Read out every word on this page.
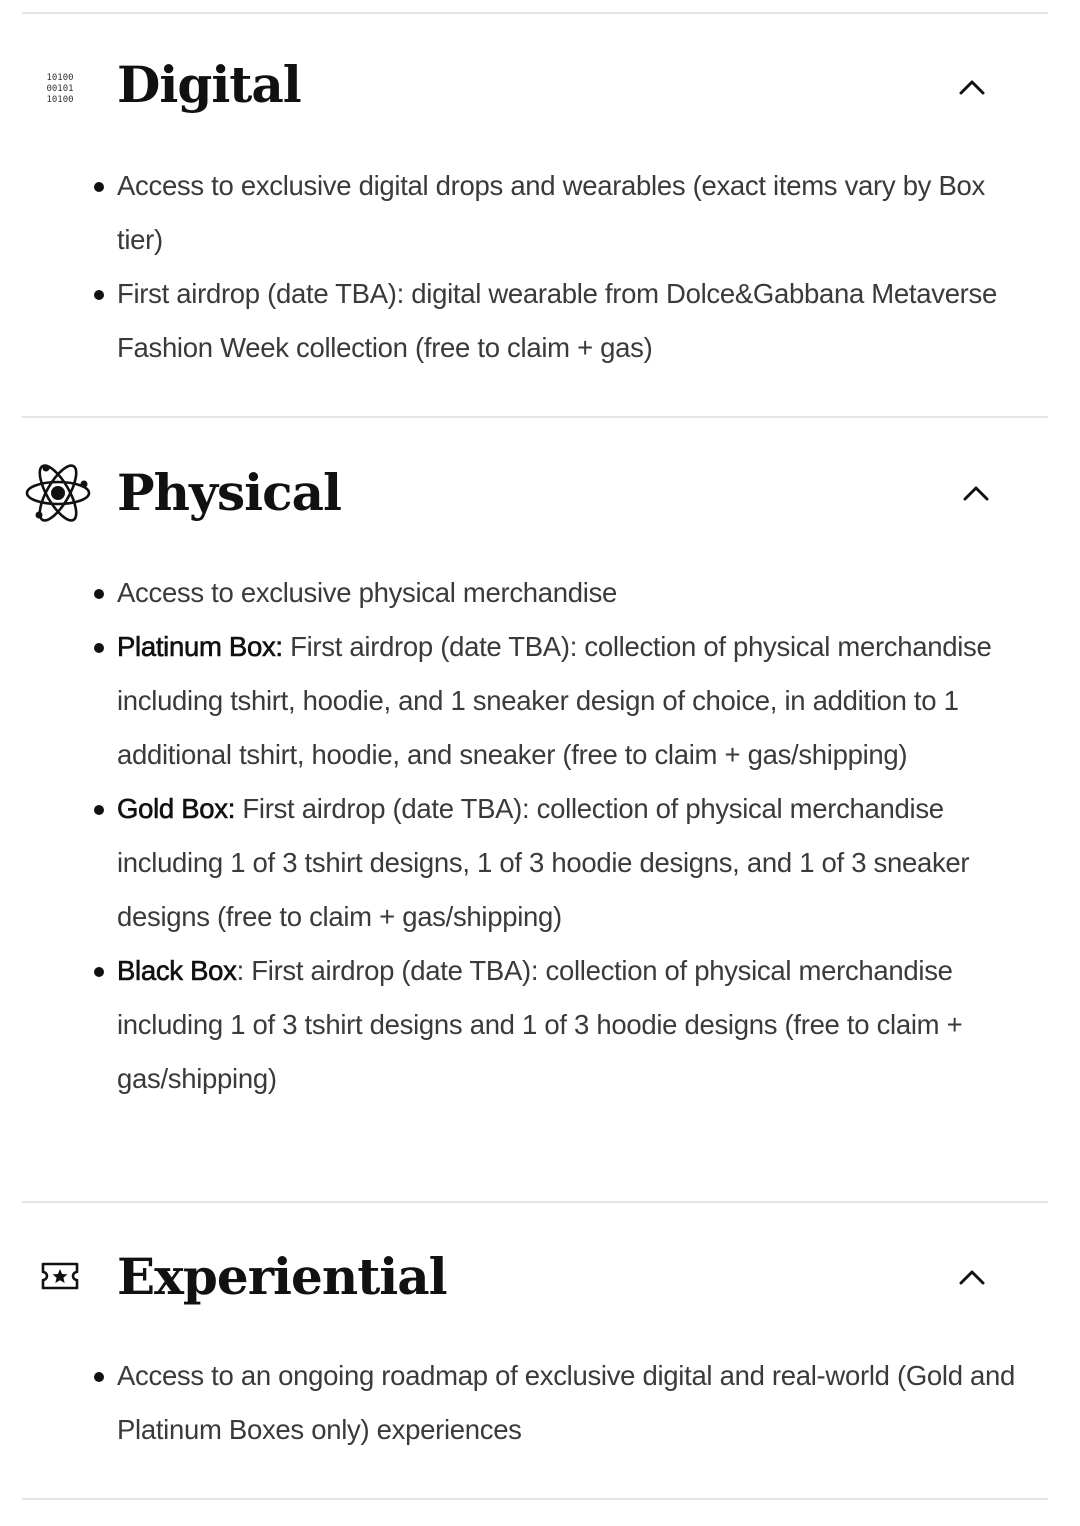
10100
00101
10100 Digital
Access to exclusive digital drops and wearables (exact items vary by Box tier)
First airdrop (date TBA): digital wearable from Dolce&Gabbana Metaverse Fashion Week collection (free to claim + gas)
Physical
Access to exclusive physical merchandise
Platinum Box: First airdrop (date TBA): collection of physical merchandise including tshirt, hoodie, and 1 sneaker design of choice, in addition to 1 additional tshirt, hoodie, and sneaker (free to claim + gas/shipping)
Gold Box: First airdrop (date TBA): collection of physical merchandise including 1 of 3 tshirt designs, 1 of 3 hoodie designs, and 1 of 3 sneaker designs (free to claim + gas/shipping)
Black Box: First airdrop (date TBA): collection of physical merchandise including 1 of 3 tshirt designs and 1 of 3 hoodie designs (free to claim + gas/shipping)
Experiential
Access to an ongoing roadmap of exclusive digital and real-world (Gold and Platinum Boxes only) experiences
